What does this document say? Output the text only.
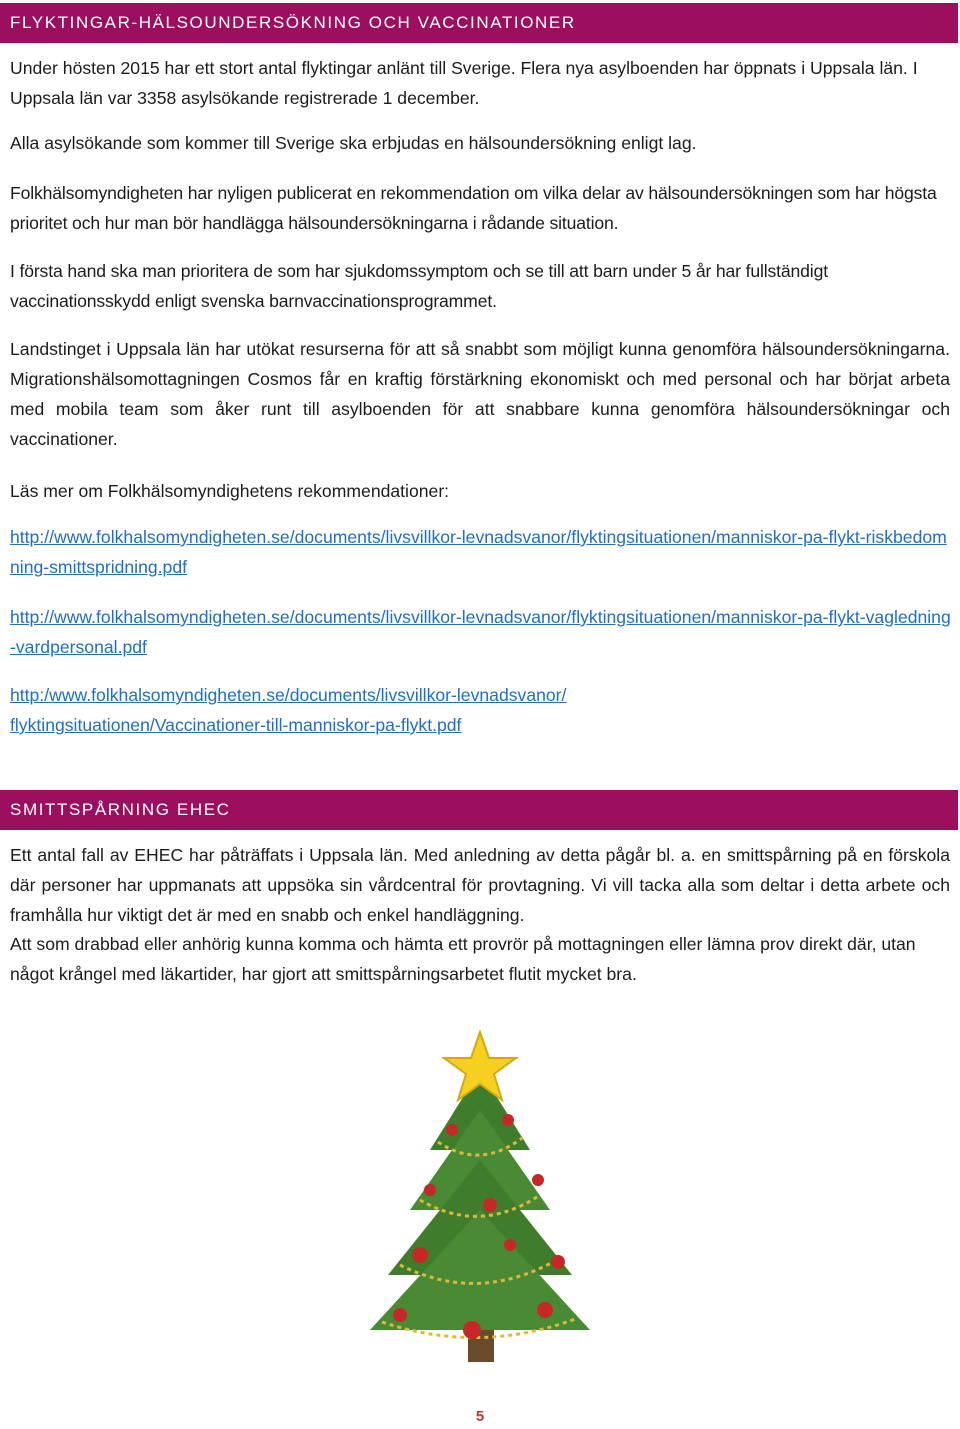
FLYKTINGAR-HÄLSOUNDERSÖKNING OCH VACCINATIONER

Under hösten 2015 har ett stort antal flyktingar anlänt till Sverige. Flera nya asylboenden har öppnats i Uppsala län. I Uppsala län var 3358 asylsökande registrerade 1 december.

Alla asylsökande som kommer till Sverige ska erbjudas en hälsoundersökning enligt lag.

Folkhälsomyndigheten har nyligen publicerat en rekommendation om vilka delar av hälsoundersökningen som har högsta prioritet och hur man bör handlägga hälsoundersökningarna i rådande situation.

I första hand ska man prioritera de som har sjukdomssymptom och se till att barn under 5 år har fullständigt vaccinationsskydd enligt svenska barnvaccinationsprogrammet.

Landstinget i Uppsala län har utökat resurserna för att så snabbt som möjligt kunna genomföra hälsoundersökningarna. Migrationshälsomottagningen Cosmos får en kraftig förstärkning ekonomiskt och med personal och har börjat arbeta med mobila team som åker runt till asylboenden för att snabbare kunna genomföra hälsoundersökningar och vaccinationer.

Läs mer om Folkhälsomyndighetens rekommendationer:

http://www.folkhalsomyndigheten.se/documents/livsvillkor-levnadsvanor/flyktingsituationen/manniskor-pa-flykt-riskbedomning-smittspridning.pdf
http://www.folkhalsomyndigheten.se/documents/livsvillkor-levnadsvanor/flyktingsituationen/manniskor-pa-flykt-vagledning-vardpersonal.pdf
http:/www.folkhalsomyndigheten.se/documents/livsvillkor-levnadsvanor/flyktingsituationen/Vaccinationer-till-manniskor-pa-flykt.pdf
SMITTSPÅRNING EHEC

Ett antal fall av EHEC har påträffats i Uppsala län. Med anledning av detta pågår bl. a. en smittspårning på en förskola där personer har uppmanats att uppsöka sin vårdcentral för provtagning. Vi vill tacka alla som deltar i detta arbete och framhålla hur viktigt det är med en snabb och enkel handläggning.

Att som drabbad eller anhörig kunna komma och hämta ett provrör på mottagningen eller lämna prov direkt där, utan något krångel med läkartider, har gjort att smittspårningsarbetet flutit mycket bra.

5
